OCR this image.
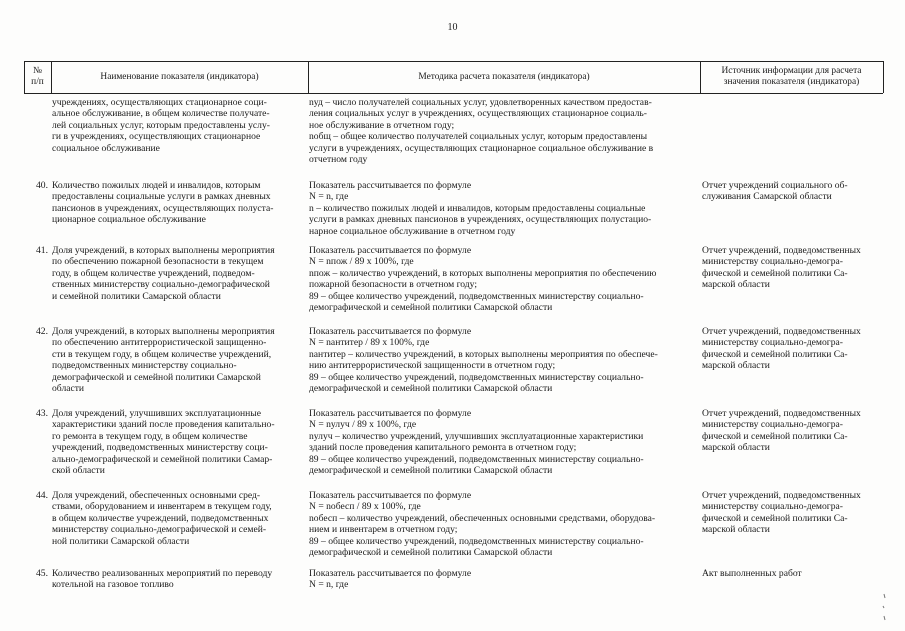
10
№
п/п
Наименование показателя (индикатора)	Методика расчета показателя (индикатора)
Источник информации для расчета
значения показателя (индикатора)
учреждениях, осуществляющих стационарное соци-
альное обслуживание, в общем количестве получате-
лей социальных услуг, которым предоставлены услу-
ги в учреждениях, осуществляющих стационарное
социальное обслуживание
nуд – число получателей социальных услуг, удовлетворенных качеством предостав-
ления социальных услуг в учреждениях, осуществляющих стационарное социаль-
ное обслуживание в отчетном году;
nобщ – общее количество получателей социальных услуг, которым предоставлены
услуги в учреждениях, осуществляющих стационарное социальное обслуживание в
отчетном году
40. Количество пожилых людей и инвалидов, которым
предоставлены социальные услуги в рамках дневных
пансионов в учреждениях, осуществляющих полуста-
ционарное социальное обслуживание
Показатель рассчитывается по формуле
N = n, где
n – количество пожилых людей и инвалидов, которым предоставлены социальные
услуги в рамках дневных пансионов в учреждениях, осуществляющих полустацио-
нарное социальное обслуживание в отчетном году
Отчет учреждений социального об-
служивания Самарской области
41. Доля учреждений, в которых выполнены мероприятия
по обеспечению пожарной безопасности в текущем
году, в общем количестве учреждений, подведом-
ственных министерству социально-демографической
и семейной политики Самарской области
Показатель рассчитывается по формуле
N = nпож / 89 x 100%, где
nпож – количество учреждений, в которых выполнены мероприятия по обеспечению
пожарной безопасности в отчетном году;
89 – общее количество учреждений, подведомственных министерству социально-
демографической и семейной политики Самарской области
Отчет учреждений, подведомственных
министерству социально-демогра-
фической и семейной политики Са-
марской области
42. Доля учреждений, в которых выполнены мероприятия
по обеспечению антитеррористической защищенно-
сти в текущем году, в общем количестве учреждений,
подведомственных министерству социально-
демографической и семейной политики Самарской
области
Показатель рассчитывается по формуле
N = nантитер / 89 x 100%, где
nантитер – количество учреждений, в которых выполнены мероприятия по обеспече-
нию антитеррористической защищенности в отчетном году;
89 – общее количество учреждений, подведомственных министерству социально-
демографической и семейной политики Самарской области
Отчет учреждений, подведомственных
министерству социально-демогра-
фической и семейной политики Са-
марской области
43. Доля учреждений, улучшивших эксплуатационные
характеристики зданий после проведения капитально-
го ремонта в текущем году, в общем количестве
учреждений, подведомственных министерству соци-
ально-демографической и семейной политики Самар-
ской области
Показатель рассчитывается по формуле
N = nулуч / 89 x 100%, где
nулуч – количество учреждений, улучшивших эксплуатационные характеристики
зданий после проведения капитального ремонта в отчетном году;
89 – общее количество учреждений, подведомственных министерству социально-
демографической и семейной политики Самарской области
Отчет учреждений, подведомственных
министерству социально-демогра-
фической и семейной политики Са-
марской области
44. Доля учреждений, обеспеченных основными сред-
ствами, оборудованием и инвентарем в текущем году,
в общем количестве учреждений, подведомственных
министерству социально-демографической и семей-
ной политики Самарской области
Показатель рассчитывается по формуле
N = nобесп / 89 x 100%, где
nобесп – количество учреждений, обеспеченных основными средствами, оборудова-
нием и инвентарем в отчетном году;
89 – общее количество учреждений, подведомственных министерству социально-
демографической и семейной политики Самарской области
Отчет учреждений, подведомственных
министерству социально-демогра-
фической и семейной политики Са-
марской области
45. Количество реализованных мероприятий по переводу
котельной на газовое топливо
Показатель рассчитывается по формуле
N = n, где
Акт выполненных работ
